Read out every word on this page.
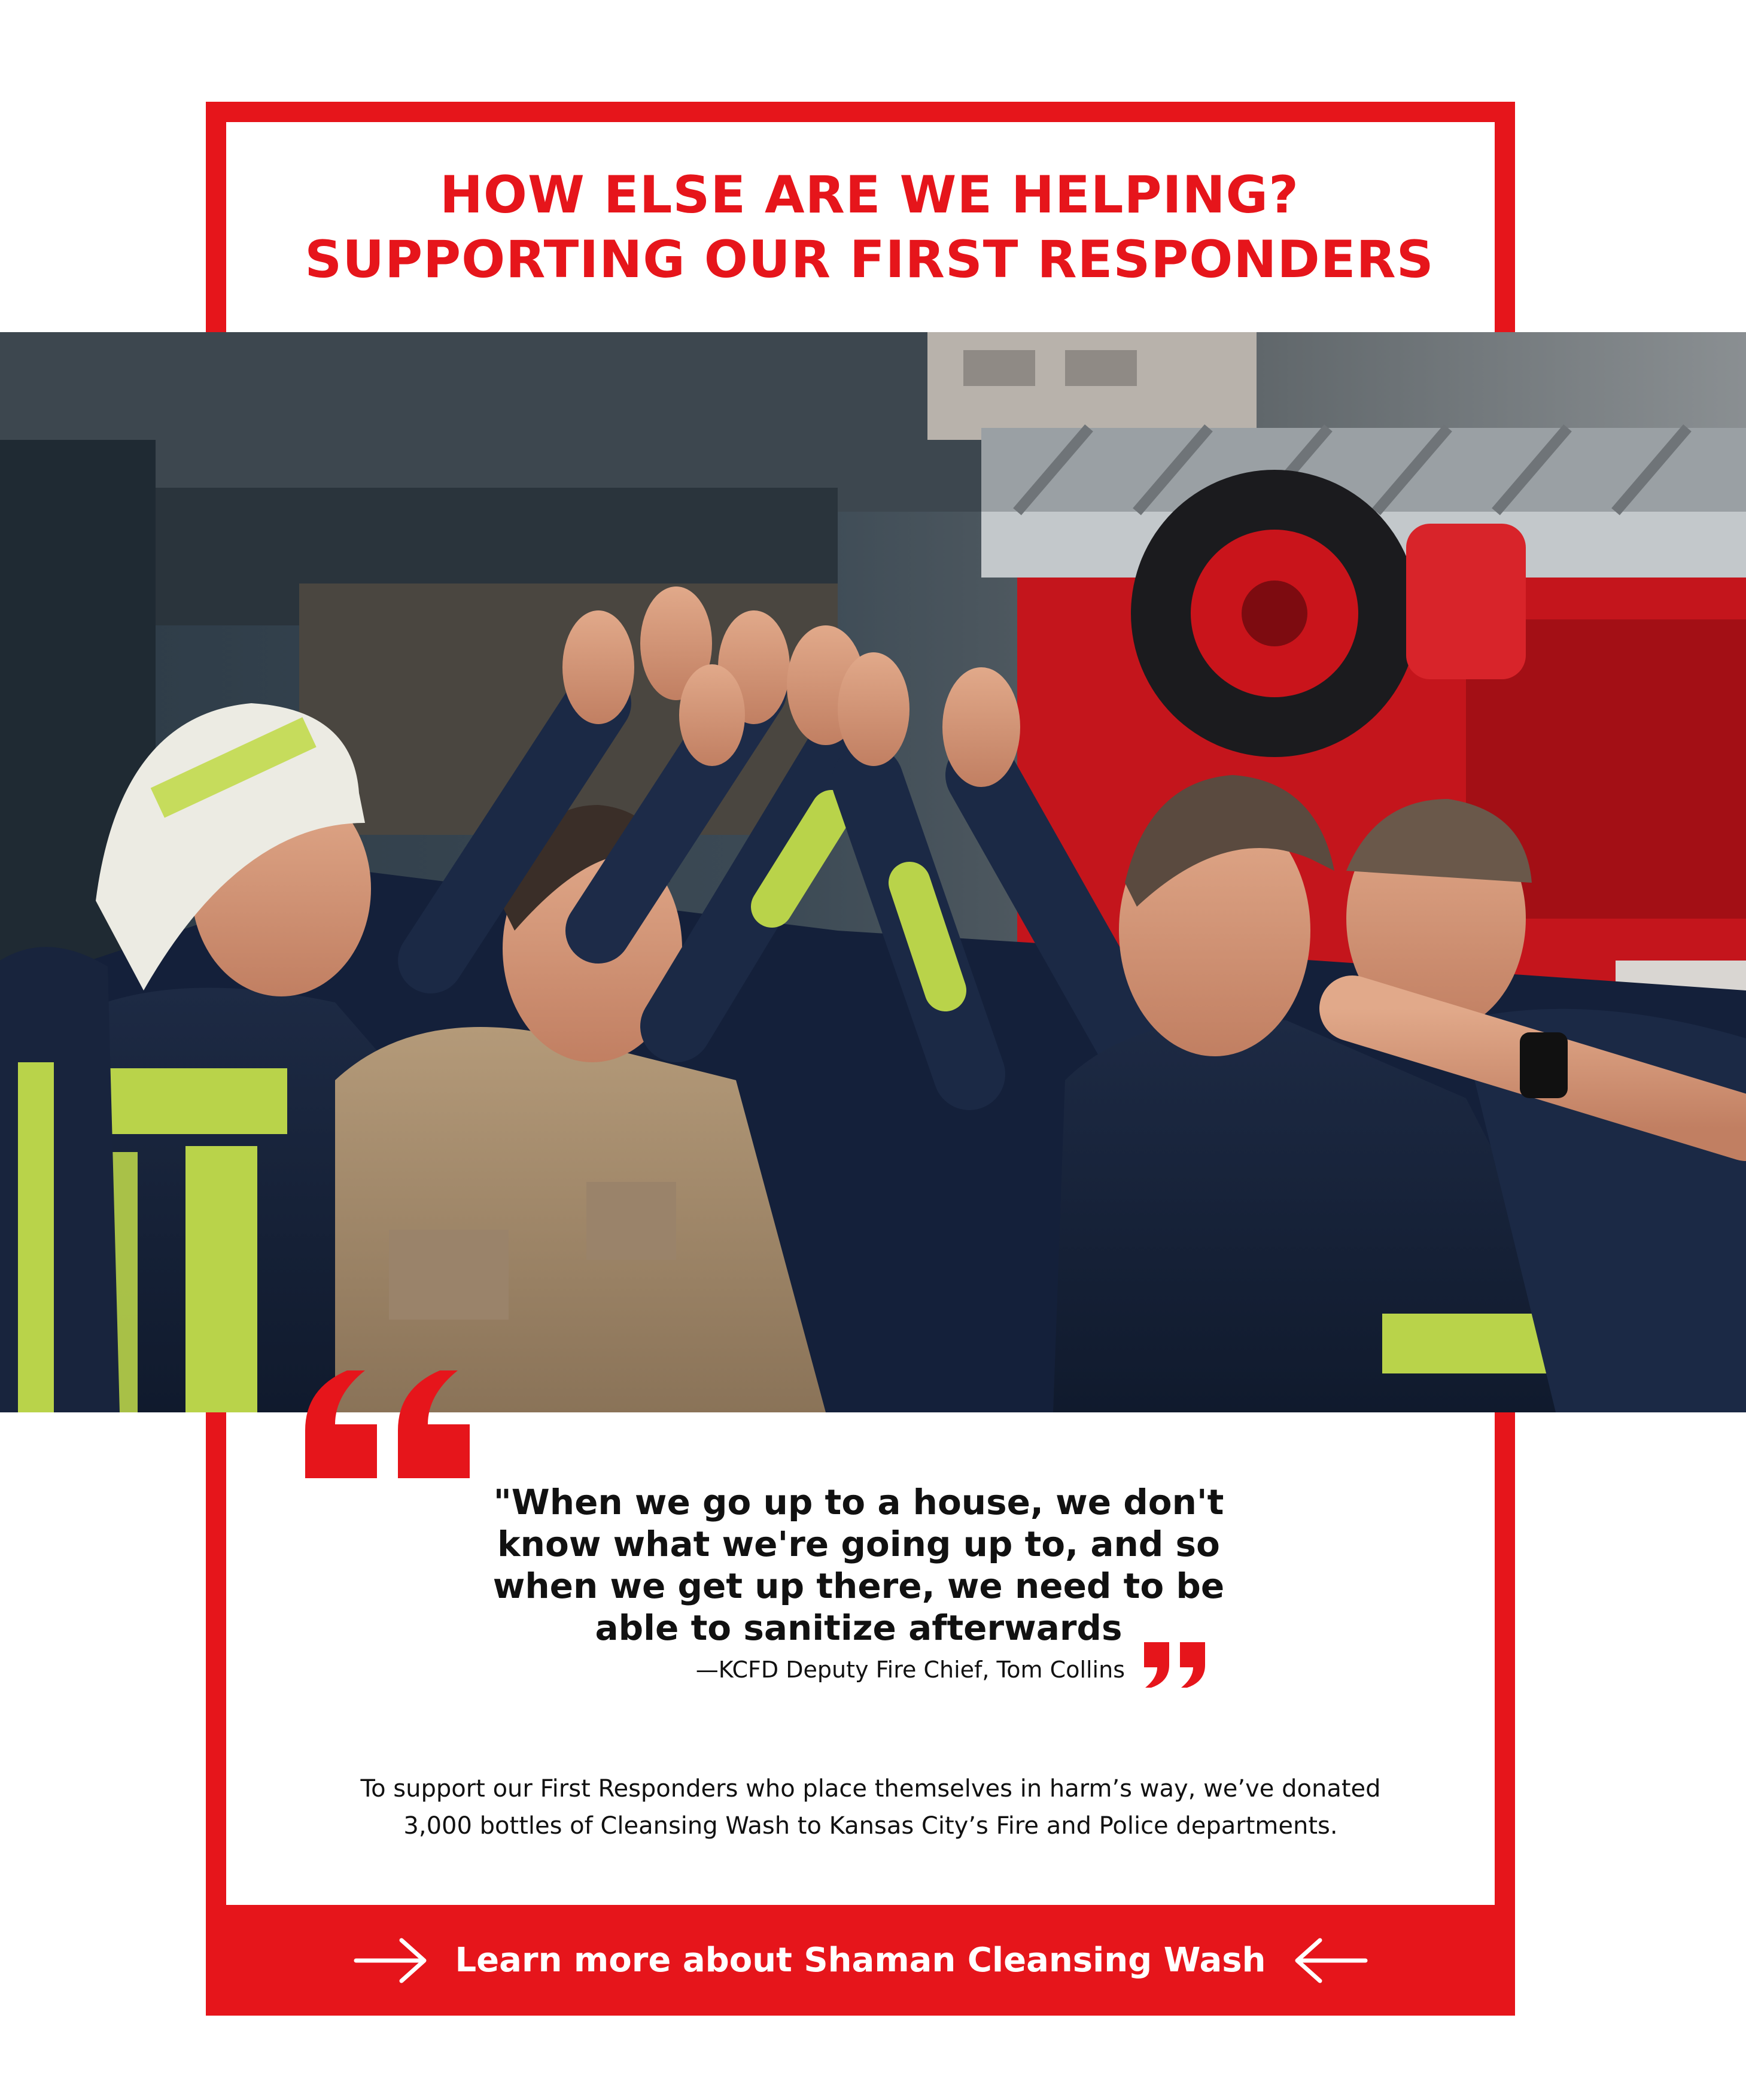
HOW ELSE ARE WE HELPING?
SUPPORTING OUR FIRST RESPONDERS
"When we go up to a house, we don't
know what we're going up to, and so
when we get up there, we need to be
able to sanitize afterwards
—KCFD Deputy Fire Chief, Tom Collins
To support our First Responders who place themselves in harm’s way, we’ve donated
3,000 bottles of Cleansing Wash to Kansas City’s Fire and Police departments.
Learn more about Shaman Cleansing Wash
